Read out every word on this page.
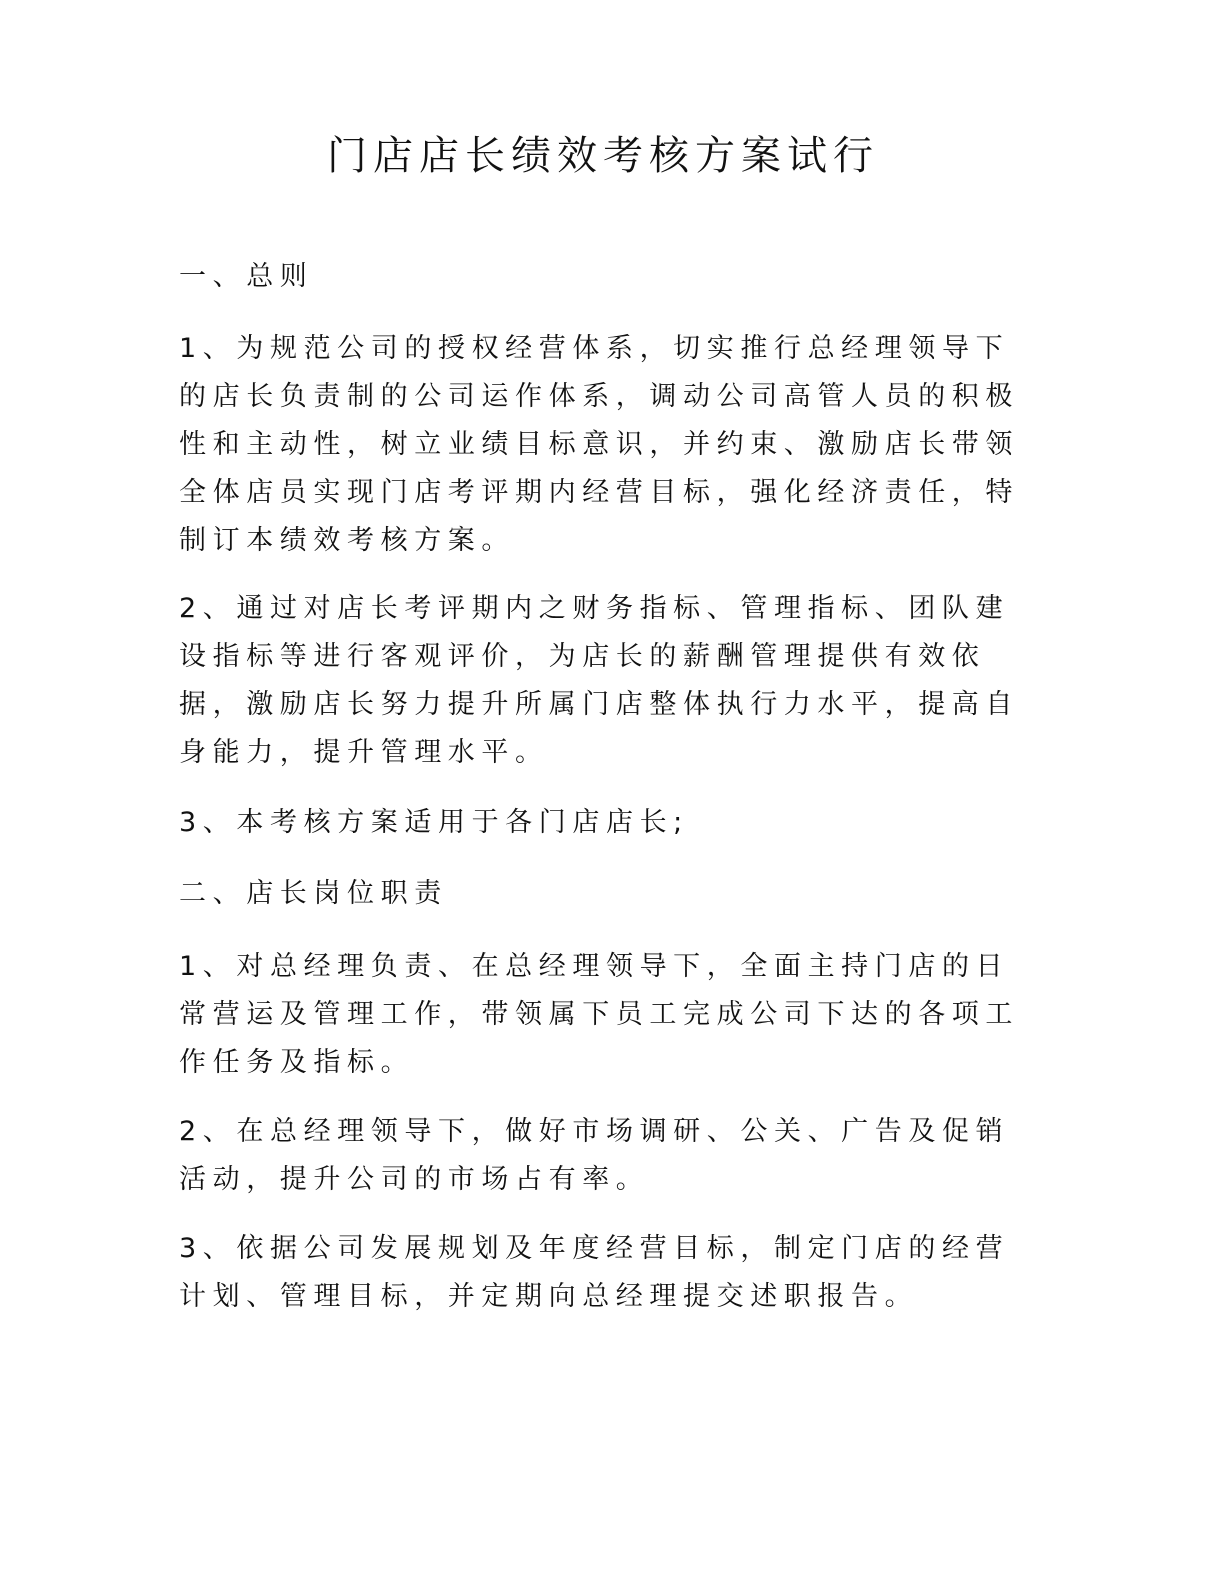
门店店长绩效考核方案试行
一、总则

1、为规范公司的授权经营体系，切实推行总经理领导下的店长负责制的公司运作体系，调动公司高管人员的积极性和主动性，树立业绩目标意识，并约束、激励店长带领全体店员实现门店考评期内经营目标，强化经济责任，特制订本绩效考核方案。

2、通过对店长考评期内之财务指标、管理指标、团队建设指标等进行客观评价，为店长的薪酬管理提供有效依据，激励店长努力提升所属门店整体执行力水平，提高自身能力，提升管理水平。

3、本考核方案适用于各门店店长;

二、店长岗位职责

1、对总经理负责、在总经理领导下，全面主持门店的日常营运及管理工作，带领属下员工完成公司下达的各项工作任务及指标。

2、在总经理领导下，做好市场调研、公关、广告及促销活动，提升公司的市场占有率。

3、依据公司发展规划及年度经营目标，制定门店的经营计划、管理目标，并定期向总经理提交述职报告。
